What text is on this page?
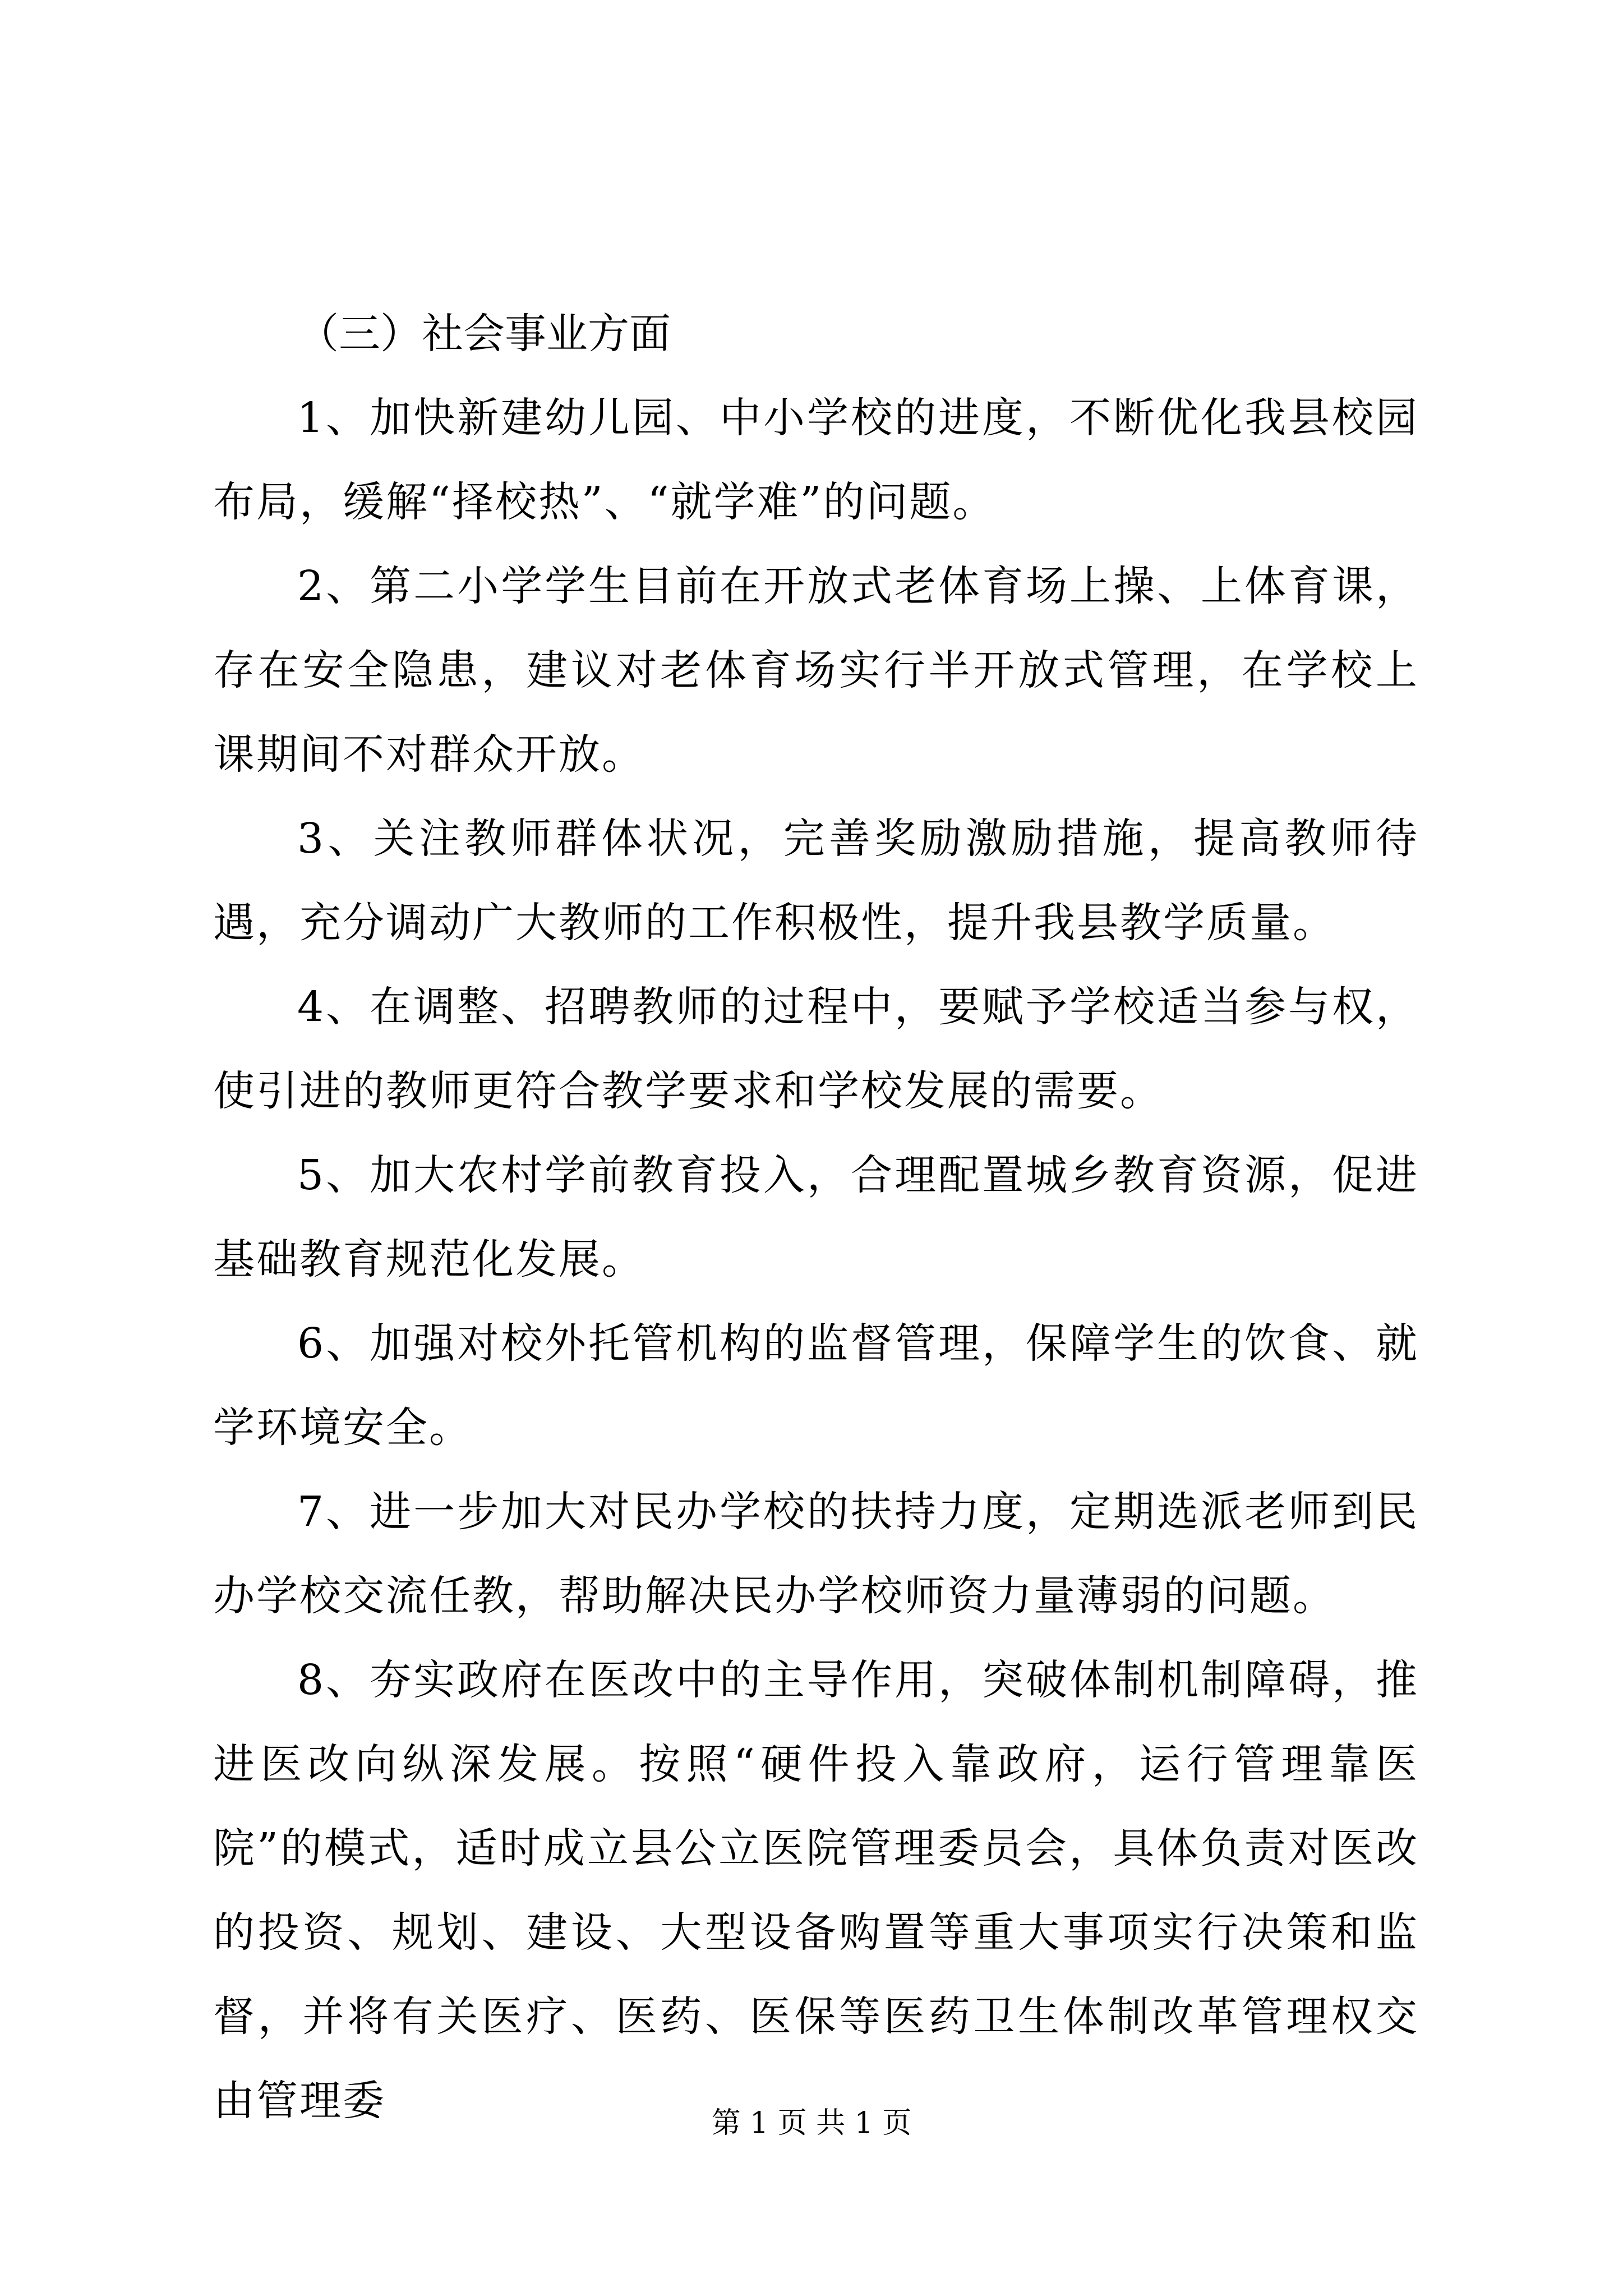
（三）社会事业方面

1、加快新建幼儿园、中小学校的进度，不断优化我县校园布局，缓解“择校热”、“就学难”的问题。

2、第二小学学生目前在开放式老体育场上操、上体育课，存在安全隐患，建议对老体育场实行半开放式管理，在学校上课期间不对群众开放。

3、关注教师群体状况，完善奖励激励措施，提高教师待遇，充分调动广大教师的工作积极性，提升我县教学质量。

4、在调整、招聘教师的过程中，要赋予学校适当参与权，使引进的教师更符合教学要求和学校发展的需要。

5、加大农村学前教育投入，合理配置城乡教育资源，促进基础教育规范化发展。

6、加强对校外托管机构的监督管理，保障学生的饮食、就学环境安全。

7、进一步加大对民办学校的扶持力度，定期选派老师到民办学校交流任教，帮助解决民办学校师资力量薄弱的问题。

8、夯实政府在医改中的主导作用，突破体制机制障碍，推进医改向纵深发展。按照“硬件投入靠政府，运行管理靠医院”的模式，适时成立县公立医院管理委员会，具体负责对医改的投资、规划、建设、大型设备购置等重大事项实行决策和监督，并将有关医疗、医药、医保等医药卫生体制改革管理权交由管理委	第 1 页 共 1 页
